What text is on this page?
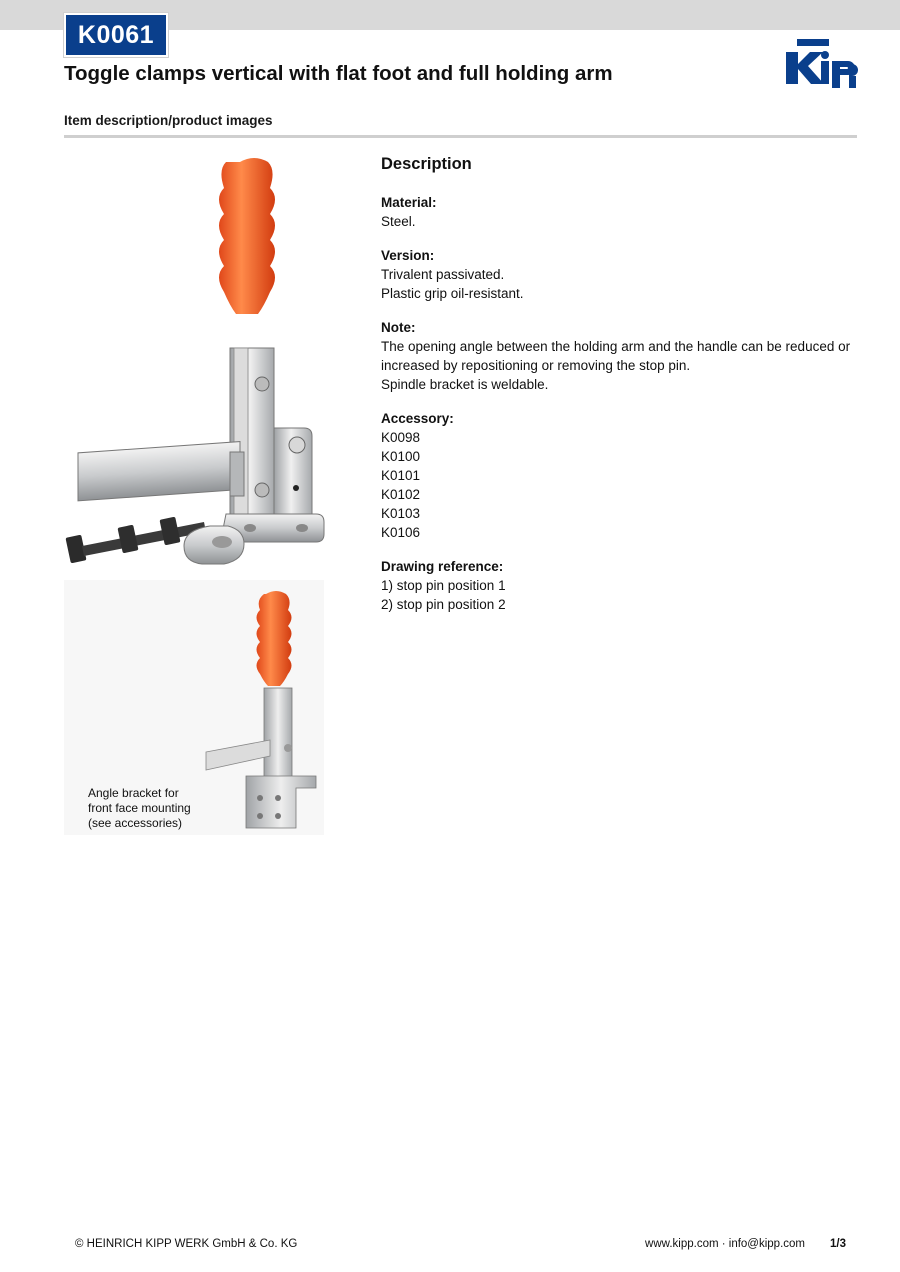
K0061
Toggle clamps vertical with flat foot and full holding arm
Item description/product images
Angle bracket for
front face mounting
(see accessories)
Description
Material:
Steel.
Version:
Trivalent passivated.
Plastic grip oil-resistant.
Note:
The opening angle between the holding arm and the handle can be reduced or
increased by repositioning or removing the stop pin.
Spindle bracket is weldable.
Accessory:
K0098
K0100
K0101
K0102
K0103
K0106
Drawing reference:
1) stop pin position 1
2) stop pin position 2
© HEINRICH KIPP WERK GmbH & Co. KG	www.kipp.com · info@kipp.com 1/3
